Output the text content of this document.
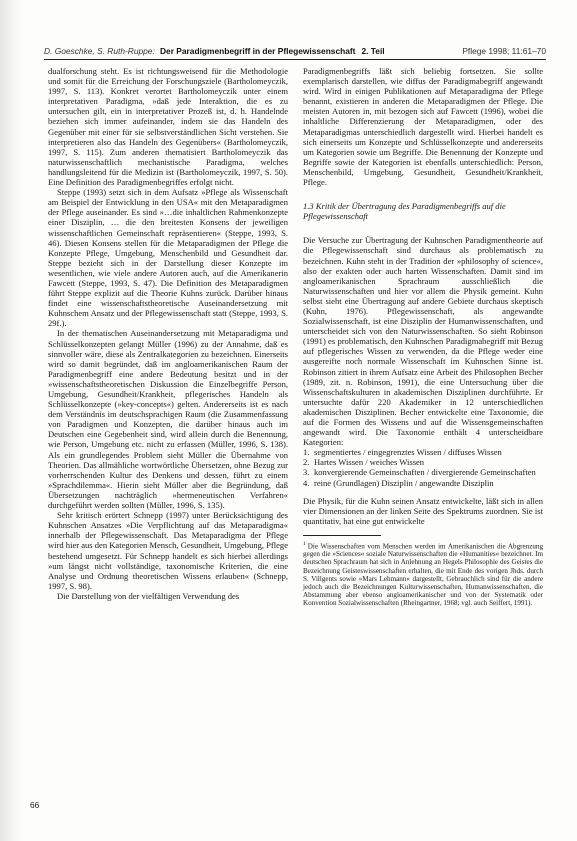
D. Goeschke, S. Ruth-Ruppe: Der Paradigmenbegriff in der Pflegewissenschaft 2. Teil	Pflege 1998; 11:61–70

dualforschung steht. Es ist richtungsweisend für die Methodologie und somit für die Erreichung der Forschungsziele (Bartholomeyczik, 1997, S. 113). Konkret verortet Bartholomeyczik unter einem interpretativen Paradigma, »daß jede Interaktion, die es zu untersuchen gilt, ein in interpretativer Prozeß ist, d. h. Handelnde beziehen sich immer aufeinander, indem sie das Handeln des Gegenüber mit einer für sie selbstverständlichen Sicht verstehen. Sie interpretieren also das Handeln des Gegenübers« (Bartholomeyczik, 1997, S. 115). Zum anderen thematisiert Bartholomeyczik das naturwissenschaftlich mechanistische Paradigma, welches handlungsleitend für die Medizin ist (Bartholomeyczik, 1997, S. 50). Eine Definition des Paradigmenbegriffes erfolgt nicht.

Steppe (1993) setzt sich in dem Aufsatz »Pflege als Wissenschaft am Beispiel der Entwicklung in den USA« mit den Metaparadigmen der Pflege auseinander. Es sind »…die inhaltlichen Rahmenkonzepte einer Disziplin, … die den breitesten Konsens der jeweiligen wissenschaftlichen Gemeinschaft repräsentieren« (Steppe, 1993, S. 46). Diesen Konsens stellen für die Metaparadigmen der Pflege die Konzepte Pflege, Umgebung, Menschenbild und Gesundheit dar. Steppe bezieht sich in der Darstellung dieser Konzepte im wesentlichen, wie viele andere Autoren auch, auf die Amerikanerin Fawcett (Steppe, 1993, S. 47). Die Definition des Metaparadigmen führt Steppe explizit auf die Theorie Kuhns zurück. Darüber hinaus findet eine wissenschaftstheoretische Auseinandersetzung mit Kuhnschem Ansatz und der Pflegewissenschaft statt (Steppe, 1993, S. 29f.).

In der thematischen Auseinandersetzung mit Metaparadigma und Schlüsselkonzepten gelangt Müller (1996) zu der Annahme, daß es sinnvoller wäre, diese als Zentralkategorien zu bezeichnen. Einerseits wird so damit begründet, daß im angloamerikanischen Raum der Paradigmenbegriff eine andere Bedeutung besitzt und in der »wissenschaftstheoretischen Diskussion die Einzelbegriffe Person, Umgebung, Gesundheit/Krankheit, pflegerisches Handeln als Schlüsselkonzepte (»key-concepts«) gelten. Andererseits ist es nach dem Verständnis im deutschsprachigen Raum (die Zusammenfassung von Paradigmen und Konzepten, die darüber hinaus auch im Deutschen eine Gegebenheit sind, wird allein durch die Benennung, wie Person, Umgebung etc. nicht zu erfassen (Müller, 1996, S. 138). Als ein grundlegendes Problem sieht Müller die Übernahme von Theorien. Das allmähliche wortwörtliche Übersetzen, ohne Bezug zur vorherrschenden Kultur des Denkens und dessen, führt zu einem »Sprachdilemma«. Hierin sieht Müller aber die Begründung, daß Übersetzungen nachträglich »hermeneutischen Verfahren« durchgeführt werden sollten (Müller, 1996, S. 135).

Sehr kritisch erörtert Schnepp (1997) unter Berücksichtigung des Kuhnschen Ansatzes »Die Verpflichtung auf das Metaparadigma« innerhalb der Pflegewissenschaft. Das Metaparadigma der Pflege wird hier aus den Kategorien Mensch, Gesundheit, Umgebung, Pflege bestehend umgesetzt. Für Schnepp handelt es sich hierbei allerdings »um längst nicht vollständige, taxonomische Kriterien, die eine Analyse und Ordnung theoretischen Wissens erlauben« (Schnepp, 1997, S. 98).

Die Darstellung von der vielfältigen Verwendung des

Paradigmenbegriffs läßt sich beliebig fortsetzen. Sie sollte exemplarisch darstellen, wie diffus der Paradigmabegriff angewandt wird. Wird in einigen Publikationen auf Metaparadigma der Pflege benannt, existieren in anderen die Metaparadigmen der Pflege. Die meisten Autoren in, mit bezogen sich auf Fawcett (1996), wobei die inhaltliche Differenzierung der Metaparadigmen, oder des Metaparadigmas unterschiedlich dargestellt wird. Hierbei handelt es sich einerseits um Konzepte und Schlüsselkonzepte und andererseits um Kategorien sowie um Begriffe. Die Benennung der Konzepte und Begriffe sowie der Kategorien ist ebenfalls unterschiedlich: Person, Menschenbild, Umgebung, Gesundheit, Gesundheit/Krankheit, Pflege.

1.3 Kritik der Übertragung des Paradigmenbegriffs auf die Pflegewissenschaft

Die Versuche zur Übertragung der Kuhnschen Paradigmentheorie auf die Pflegewissenschaft sind durchaus als problematisch zu bezeichnen. Kuhn steht in der Tradition der »philosophy of science«, also der exakten oder auch harten Wissenschaften. Damit sind im angloamerikanischen Sprachraum ausschließlich die Naturwissenschaften und hier vor allem die Physik gemeint. Kuhn selbst sieht eine Übertragung auf andere Gebiete durchaus skeptisch (Kuhn, 1976). Pflegewissenschaft, als angewandte Sozialwissenschaft, ist eine Disziplin der Humanwissenschaften, und unterscheidet sich von den Naturwissenschaften. So sieht Robinson (1991) es problematisch, den Kuhnschen Paradigmabegriff mit Bezug auf pflegerisches Wissen zu verwenden, da die Pflege weder eine ausgereifte noch normale Wissenschaft im Kuhnschen Sinne ist. Robinson zitiert in ihrem Aufsatz eine Arbeit des Philosophen Becher (1989, zit. n. Robinson, 1991), die eine Untersuchung über die Wissenschaftskulturen in akademischen Disziplinen durchführte. Er untersuchte dafür 220 Akademiker in 12 unterschiedlichen akademischen Disziplinen. Becher entwickelte eine Taxonomie, die auf die Formen des Wissens und auf die Wissensgemeinschaften angewandt wird. Die Taxonomie enthält 4 unterscheidbare Kategorien:

1. segmentiertes / eingegrenztes Wissen / diffuses Wissen
2. Hartes Wissen / weiches Wissen
3. konvergierende Gemeinschaften / divergierende Gemeinschaften
4. reine (Grundlagen) Disziplin / angewandte Disziplin

Die Physik, für die Kuhn seinen Ansatz entwickelte, läßt sich in allen vier Dimensionen an der linken Seite des Spektrums zuordnen. Sie ist quantitativ, hat eine gut entwickelte

$^1$ Die Wissenschaften vom Menschen werden im Amerikanischen die Abgrenzung gegen die »Sciences« soziale Naturwissenschaften die »Humanities« bezeichnet. Im deutschen Sprachraum hat sich in Anlehnung an Hegels Philosophie des Geistes die Bezeichnung Geisteswissenschaften erhalten, die mit Ende des vorigen Jhds. durch S. Villgents sowie »Mars Lehmann« dargestellt, Gebrauchlich sind für die andere jedoch auch die Bezeichnungen Kulturwissenschaften, Humanwissenschaften, die Abstammung aber ebenso angloamerikanischer und von der Systematik oder Konvention Sozialwissenschaften (Rheingartner, 1968; vgl. auch Seiffert, 1991).
66
